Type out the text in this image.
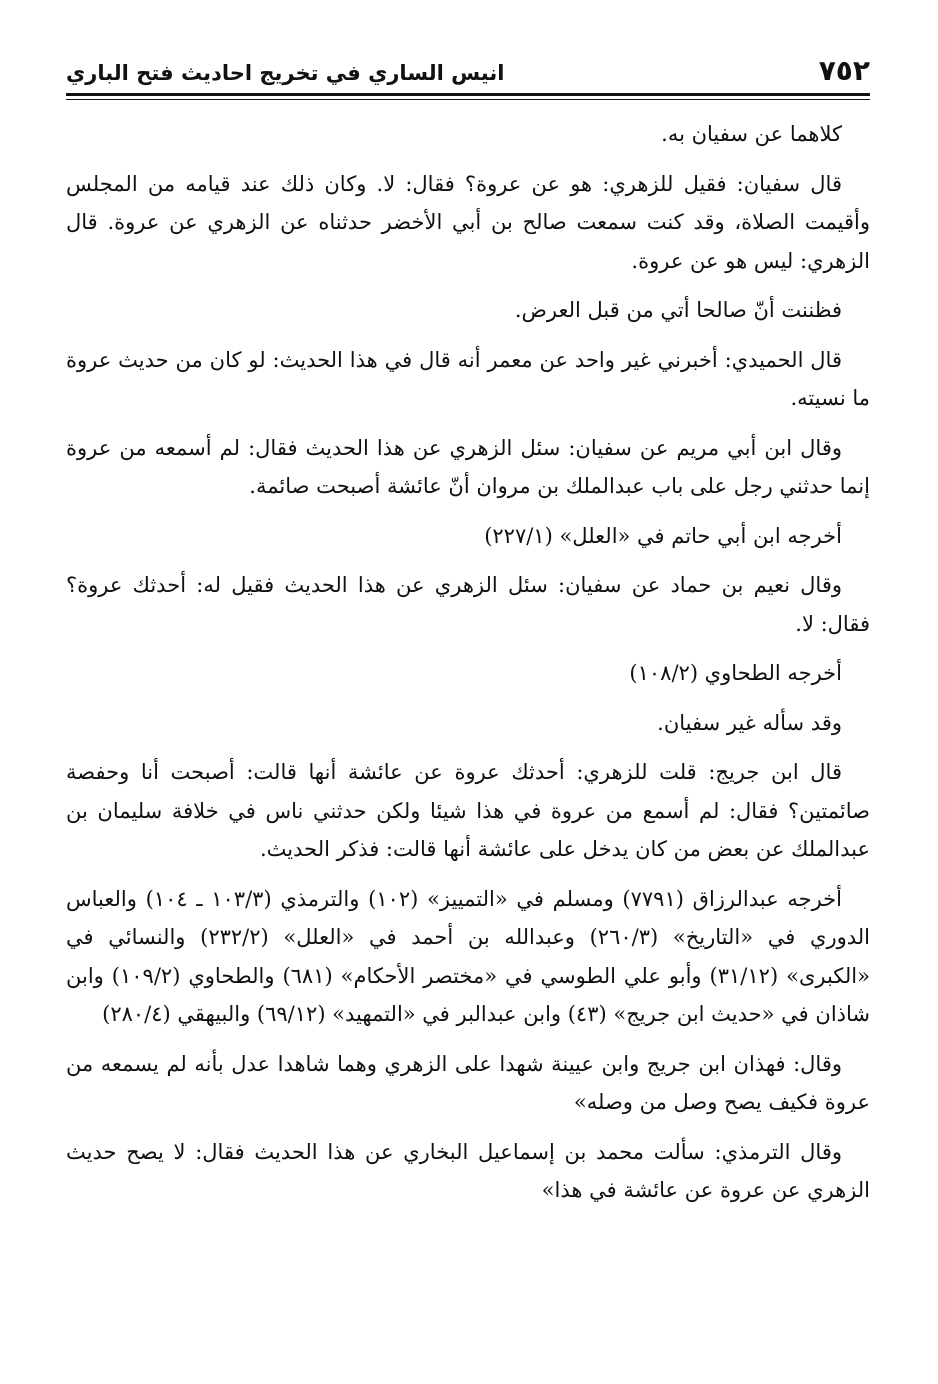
٧٥٢
انيس الساري في تخريج احاديث فتح الباري

كلاهما عن سفيان به.

قال سفيان: فقيل للزهري: هو عن عروة؟ فقال: لا. وكان ذلك عند قيامه من المجلس وأقيمت الصلاة، وقد كنت سمعت صالح بن أبي الأخضر حدثناه عن الزهري عن عروة. قال الزهري: ليس هو عن عروة.

فظننت أنّ صالحا أتي من قبل العرض.

قال الحميدي: أخبرني غير واحد عن معمر أنه قال في هذا الحديث: لو كان من حديث عروة ما نسيته.

وقال ابن أبي مريم عن سفيان: سئل الزهري عن هذا الحديث فقال: لم أسمعه من عروة إنما حدثني رجل على باب عبدالملك بن مروان أنّ عائشة أصبحت صائمة.

أخرجه ابن أبي حاتم في «العلل» (٢٢٧/١)

وقال نعيم بن حماد عن سفيان: سئل الزهري عن هذا الحديث فقيل له: أحدثك عروة؟ فقال: لا.

أخرجه الطحاوي (١٠٨/٢)

وقد سأله غير سفيان.

قال ابن جريج: قلت للزهري: أحدثك عروة عن عائشة أنها قالت: أصبحت أنا وحفصة صائمتين؟ فقال: لم أسمع من عروة في هذا شيئا ولكن حدثني ناس في خلافة سليمان بن عبدالملك عن بعض من كان يدخل على عائشة أنها قالت: فذكر الحديث.

أخرجه عبدالرزاق (٧٧٩١) ومسلم في «التمييز» (١٠٢) والترمذي (١٠٣/٣ ـ ١٠٤) والعباس الدوري في «التاريخ» (٢٦٠/٣) وعبدالله بن أحمد في «العلل» (٢٣٢/٢) والنسائي في «الكبرى» (٣١/١٢) وأبو علي الطوسي في «مختصر الأحكام» (٦٨١) والطحاوي (١٠٩/٢) وابن شاذان في «حديث ابن جريج» (٤٣) وابن عبدالبر في «التمهيد» (٦٩/١٢) والبيهقي (٢٨٠/٤)

وقال: فهذان ابن جريج وابن عيينة شهدا على الزهري وهما شاهدا عدل بأنه لم يسمعه من عروة فكيف يصح وصل من وصله»

وقال الترمذي: سألت محمد بن إسماعيل البخاري عن هذا الحديث فقال: لا يصح حديث الزهري عن عروة عن عائشة في هذا»
